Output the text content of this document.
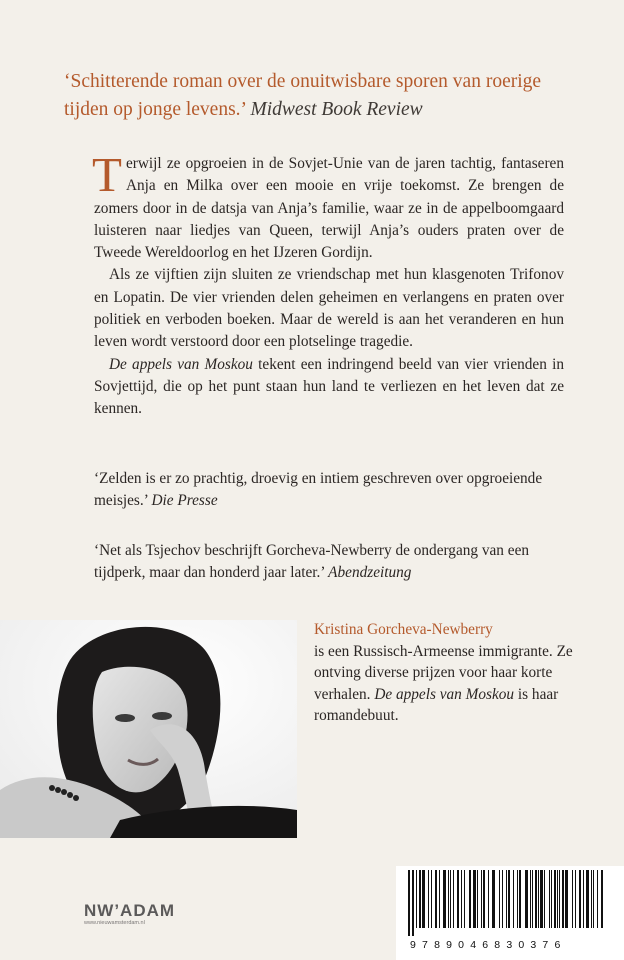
‘Schitterende roman over de onuitwisbare sporen van roerige tijden op jonge levens.’ Midwest Book Review

Terwijl ze opgroeien in de Sovjet-Unie van de jaren tachtig, fantaseren Anja en Milka over een mooie en vrije toekomst. Ze brengen de zomers door in de datsja van Anja’s familie, waar ze in de appelboomgaard luisteren naar liedjes van Queen, terwijl Anja’s ouders praten over de Tweede Wereldoorlog en het IJzeren Gordijn.

Als ze vijftien zijn sluiten ze vriendschap met hun klasgenoten Trifonov en Lopatin. De vier vrienden delen geheimen en verlangens en praten over politiek en verboden boeken. Maar de wereld is aan het veranderen en hun leven wordt verstoord door een plotselinge tragedie.

De appels van Moskou tekent een indringend beeld van vier vrienden in Sovjettijd, die op het punt staan hun land te verliezen en het leven dat ze kennen.

‘Zelden is er zo prachtig, droevig en intiem geschreven over opgroeiende meisjes.’ Die Presse

‘Net als Tsjechov beschrijft Gorcheva-Newberry de ondergang van een tijdperk, maar dan honderd jaar later.’ Abendzeitung

Kristina Gorcheva-Newberry
is een Russisch-Armeense immigrante. Ze ontving diverse prijzen voor haar korte verhalen. De appels van Moskou is haar romandebuut.

NW’ADAM
www.nieuwamsterdam.nl
9789046830376
